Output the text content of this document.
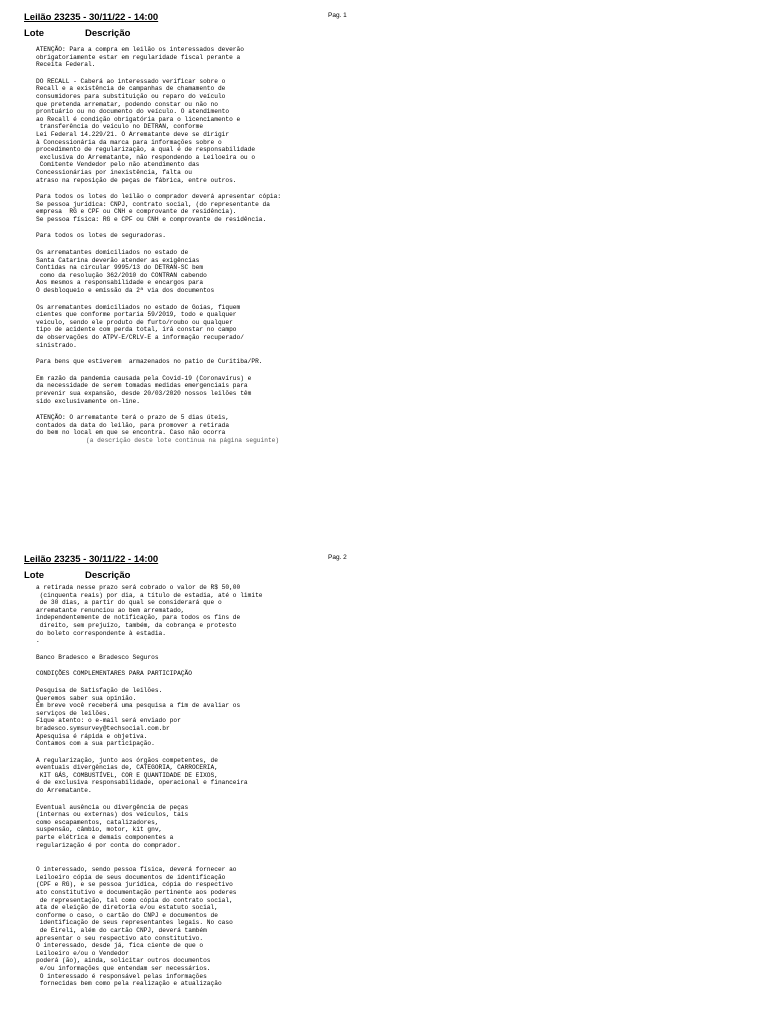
Leilão 23235 - 30/11/22 - 14:00	Pag. 1
Lote	Descrição

ATENÇÃO: Para a compra em leilão os interessados deverão
obrigatoriamente estar em regularidade fiscal perante a
Receita Federal.

DO RECALL - Caberá ao interessado verificar sobre o
Recall e a existência de campanhas de chamamento de
consumidores para substituição ou reparo do veículo
que pretenda arrematar, podendo constar ou não no
prontuário ou no documento do veículo. O atendimento
ao Recall é condição obrigatória para o licenciamento e
transferência do veículo no DETRAN, conforme
Lei Federal 14.229/21. O Arrematante deve se dirigir
à Concessionária da marca para informações sobre o
procedimento de regularização, a qual é de responsabilidade
exclusiva do Arrematante, não respondendo a Leiloeira ou o
Comitente Vendedor pelo não atendimento das
Concessionárias por inexistência, falta ou
atraso na reposição de peças de fábrica, entre outros.

Para todos os lotes do leilão o comprador deverá apresentar cópia:
Se pessoa jurídica: CNPJ, contrato social, (do representante da
empresa  RG e CPF ou CNH e comprovante de residência).
Se pessoa física: RG e CPF ou CNH e comprovante de residência.

Para todos os lotes de seguradoras.

Os arrematantes domiciliados no estado de
Santa Catarina deverão atender as exigências
Contidas na circular 9995/13 do DETRAN-SC bem
como da resolução 362/2010 do CONTRAN cabendo
Aos mesmos a responsabilidade e encargos para
O desbloqueio e emissão da 2ª via dos documentos

Os arrematantes domiciliados no estado de Goias, fiquem
cientes que conforme portaria 59/2019, todo e qualquer
veiculo, sendo ele produto de furto/roubo ou qualquer
tipo de acidente com perda total, irá constar no campo
de observações do ATPV-E/CRLV-E a informação recuperado/
sinistrado.

Para bens que estiverem  armazenados no patio de Curitiba/PR.

Em razão da pandemia causada pela Covid-19 (Coronavírus) e
da necessidade de serem tomadas medidas emergenciais para
prevenir sua expansão, desde 20/03/2020 nossos leilões têm
sido exclusivamente on-line.

ATENÇÃO: O arrematante terá o prazo de 5 dias úteis,
contados da data do leilão, para promover a retirada
do bem no local em que se encontra. Caso não ocorra

(a descrição deste lote continua na página seguinte)
Leilão 23235 - 30/11/22 - 14:00	Pag. 2
Lote	Descrição

a retirada nesse prazo será cobrado o valor de R$ 50,00
(cinquenta reais) por dia, a título de estadia, até o limite
de 30 dias, a partir do qual se considerará que o
arrematante renunciou ao bem arrematado,
independentemente de notificação, para todos os fins de
direito, sem prejuízo, também, da cobrança e protesto
do boleto correspondente à estadia.
.

Banco Bradesco e Bradesco Seguros

CONDIÇÕES COMPLEMENTARES PARA PARTICIPAÇÃO

Pesquisa de Satisfação de leilões.
Queremos saber sua opinião.
Em breve você receberá uma pesquisa a fim de avaliar os
serviços de leilões.
Fique atento: o e-mail será enviado por
bradesco.symsurvey@techsocial.com.br
Apesquisa é rápida e objetiva.
Contamos com a sua participação.

A regularização, junto aos órgãos competentes, de
eventuais divergências de, CATEGORIA, CARROCERIA,
KIT GÁS, COMBUSTÍVEL, COR E QUANTIDADE DE EIXOS,
é de exclusiva responsabilidade, operacional e financeira
do Arrematante.

Eventual ausência ou divergência de peças
(internas ou externas) dos veículos, tais
como escapamentos, catalizadores,
suspensão, câmbio, motor, kit gnv,
parte elétrica e demais componentes a
regularização é por conta do comprador.

O interessado, sendo pessoa física, deverá fornecer ao
Leiloeiro cópia de seus documentos de identificação
(CPF e RG), e se pessoa jurídica, cópia do respectivo
ato constitutivo e documentação pertinente aos poderes
de representação, tal como cópia do contrato social,
ata de eleição de diretoria e/ou estatuto social,
conforme o caso, o cartão do CNPJ e documentos de
identificação de seus representantes legais. No caso
de Eireli, além do cartão CNPJ, deverá também
apresentar o seu respectivo ato constitutivo.
O interessado, desde já, fica ciente de que o
Leiloeiro e/ou o Vendedor
poderá (ão), ainda, solicitar outros documentos
e/ou informações que entendam ser necessários.
O interessado é responsável pelas informações
fornecidas bem como pela realização e atualização
